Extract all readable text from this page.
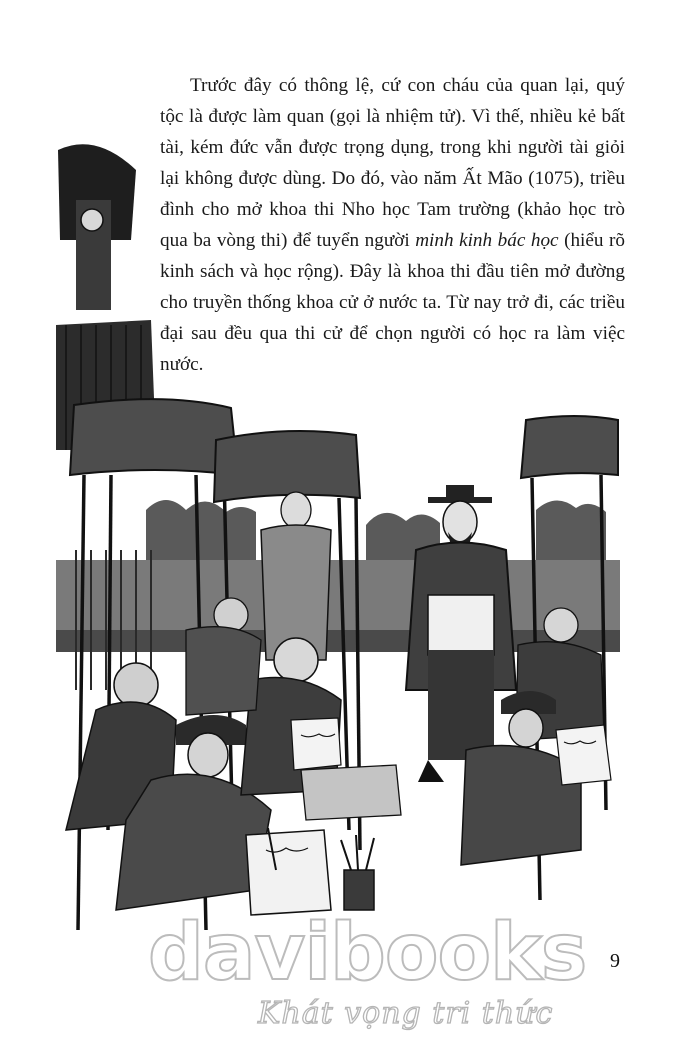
Trước đây có thông lệ, cứ con cháu của quan lại, quý tộc là được làm quan (gọi là nhiệm tử). Vì thế, nhiều kẻ bất tài, kém đức vẫn được trọng dụng, trong khi người tài giỏi lại không được dùng. Do đó, vào năm Ất Mão (1075), triều đình cho mở khoa thi Nho học Tam trường (khảo học trò qua ba vòng thi) để tuyển người minh kinh bác học (hiểu rõ kinh sách và học rộng). Đây là khoa thi đầu tiên mở đường cho truyền thống khoa cử ở nước ta. Từ nay trở đi, các triều đại sau đều qua thi cử để chọn người có học ra làm việc nước.
9
davibooks
Khát vọng tri thức
